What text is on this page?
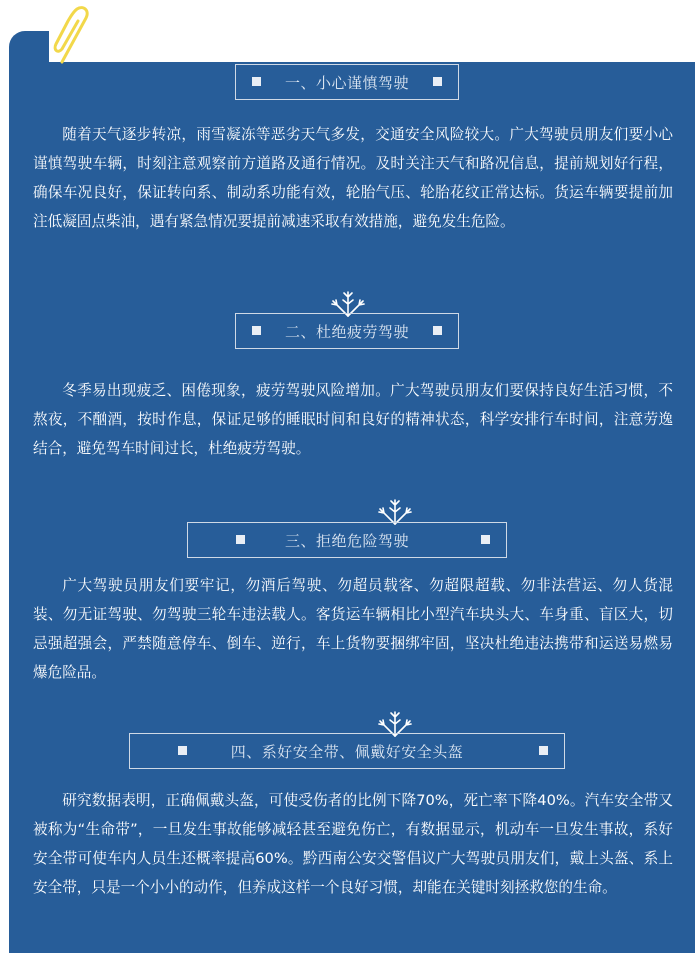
一、小心谨慎驾驶

随着天气逐步转凉，雨雪凝冻等恶劣天气多发，交通安全风险较大。广大驾驶员朋友们要小心谨慎驾驶车辆，时刻注意观察前方道路及通行情况。及时关注天气和路况信息，提前规划好行程，确保车况良好，保证转向系、制动系功能有效，轮胎气压、轮胎花纹正常达标。货运车辆要提前加注低凝固点柴油，遇有紧急情况要提前减速采取有效措施，避免发生危险。

二、杜绝疲劳驾驶

冬季易出现疲乏、困倦现象，疲劳驾驶风险增加。广大驾驶员朋友们要保持良好生活习惯，不熬夜，不酗酒，按时作息，保证足够的睡眠时间和良好的精神状态，科学安排行车时间，注意劳逸结合，避免驾车时间过长，杜绝疲劳驾驶。

三、拒绝危险驾驶

广大驾驶员朋友们要牢记，勿酒后驾驶、勿超员载客、勿超限超载、勿非法营运、勿人货混装、勿无证驾驶、勿驾驶三轮车违法载人。客货运车辆相比小型汽车块头大、车身重、盲区大，切忌强超强会，严禁随意停车、倒车、逆行，车上货物要捆绑牢固，坚决杜绝违法携带和运送易燃易爆危险品。

四、系好安全带、佩戴好安全头盔

研究数据表明，正确佩戴头盔，可使受伤者的比例下降70%，死亡率下降40%。汽车安全带又被称为“生命带”，一旦发生事故能够减轻甚至避免伤亡，有数据显示，机动车一旦发生事故，系好安全带可使车内人员生还概率提高60%。黔西南公安交警倡议广大驾驶员朋友们，戴上头盔、系上安全带，只是一个小小的动作，但养成这样一个良好习惯，却能在关键时刻拯救您的生命。
